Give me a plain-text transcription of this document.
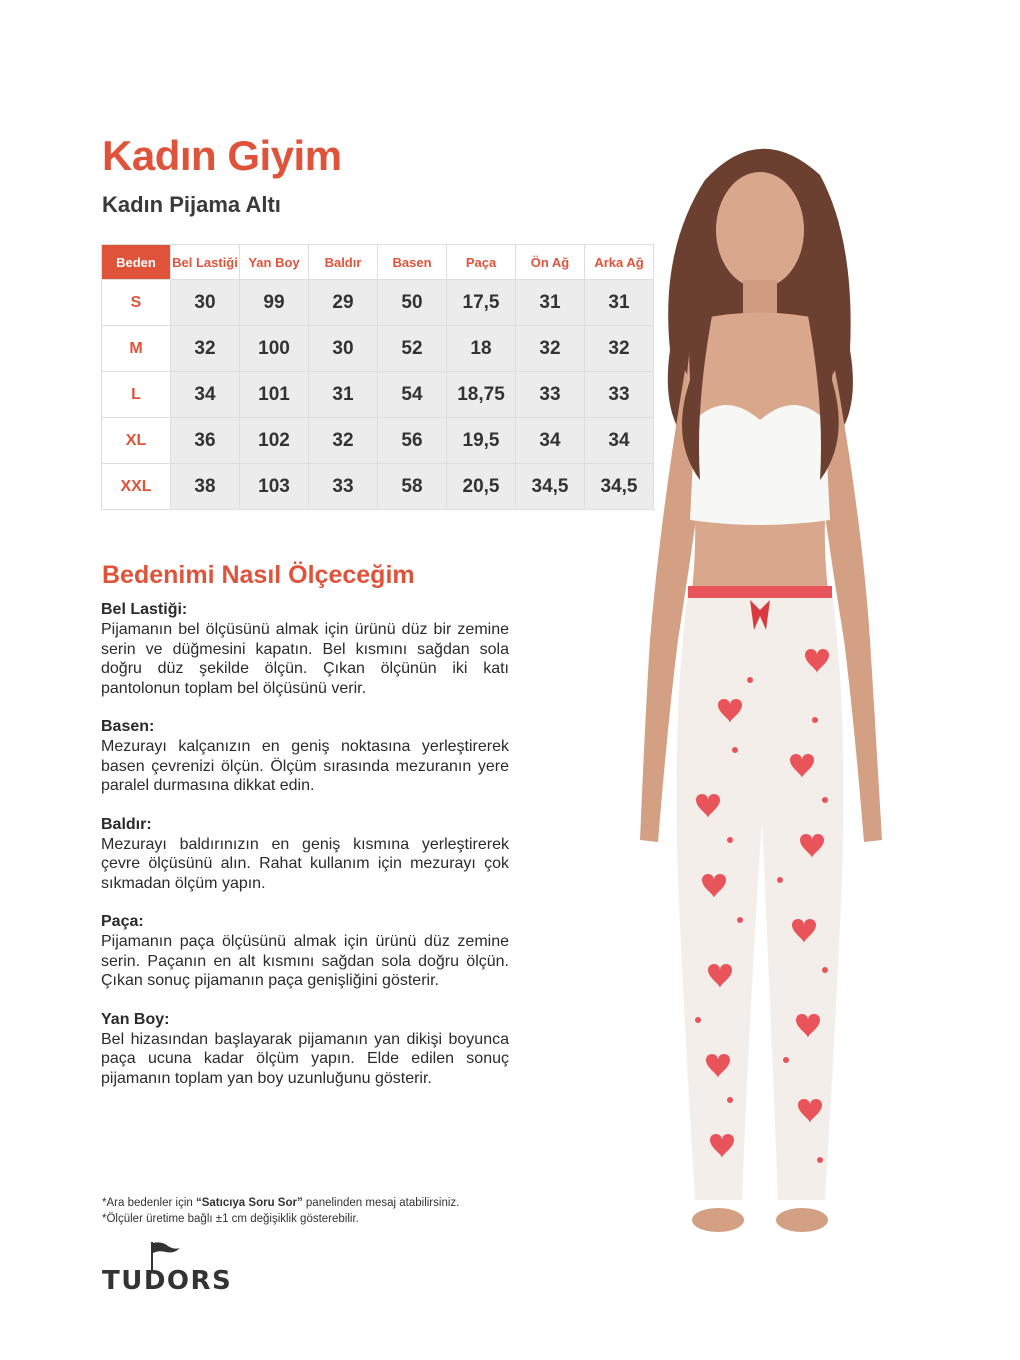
Kadın Giyim
Kadın Pijama Altı
Beden	Bel Lastiği	Yan Boy	Baldır	Basen	Paça	Ön Ağ	Arka Ağ
S	30	99	29	50	17,5	31	31
M	32	100	30	52	18	32	32
L	34	101	31	54	18,75	33	33
XL	36	102	32	56	19,5	34	34
XXL	38	103	33	58	20,5	34,5	34,5
Bedenimi Nasıl Ölçeceğim
Bel Lastiği:

Pijamanın bel ölçüsünü almak için ürünü düz bir zemine serin ve düğmesini kapatın. Bel kısmını sağdan sola doğru düz şekilde ölçün. Çıkan ölçünün iki katı pantolonun toplam bel ölçüsünü verir.

Basen:

Mezurayı kalçanızın en geniş noktasına yerleştirerek basen çevrenizi ölçün. Ölçüm sırasında mezuranın yere paralel durmasına dikkat edin.

Baldır:

Mezurayı baldırınızın en geniş kısmına yerleştirerek çevre ölçüsünü alın. Rahat kullanım için mezurayı çok sıkmadan ölçüm yapın.

Paça:

Pijamanın paça ölçüsünü almak için ürünü düz zemine serin. Paçanın en alt kısmını sağdan sola doğru ölçün. Çıkan sonuç pijamanın paça genişliğini gösterir.

Yan Boy:

Bel hizasından başlayarak pijamanın yan dikişi boyunca paça ucuna kadar ölçüm yapın. Elde edilen sonuç pijamanın toplam yan boy uzunluğunu gösterir.

*Ara bedenler için “Satıcıya Soru Sor” panelinden mesaj atabilirsiniz.
*Ölçüler üretime bağlı ±1 cm değişiklik gösterebilir.
TUDORS
